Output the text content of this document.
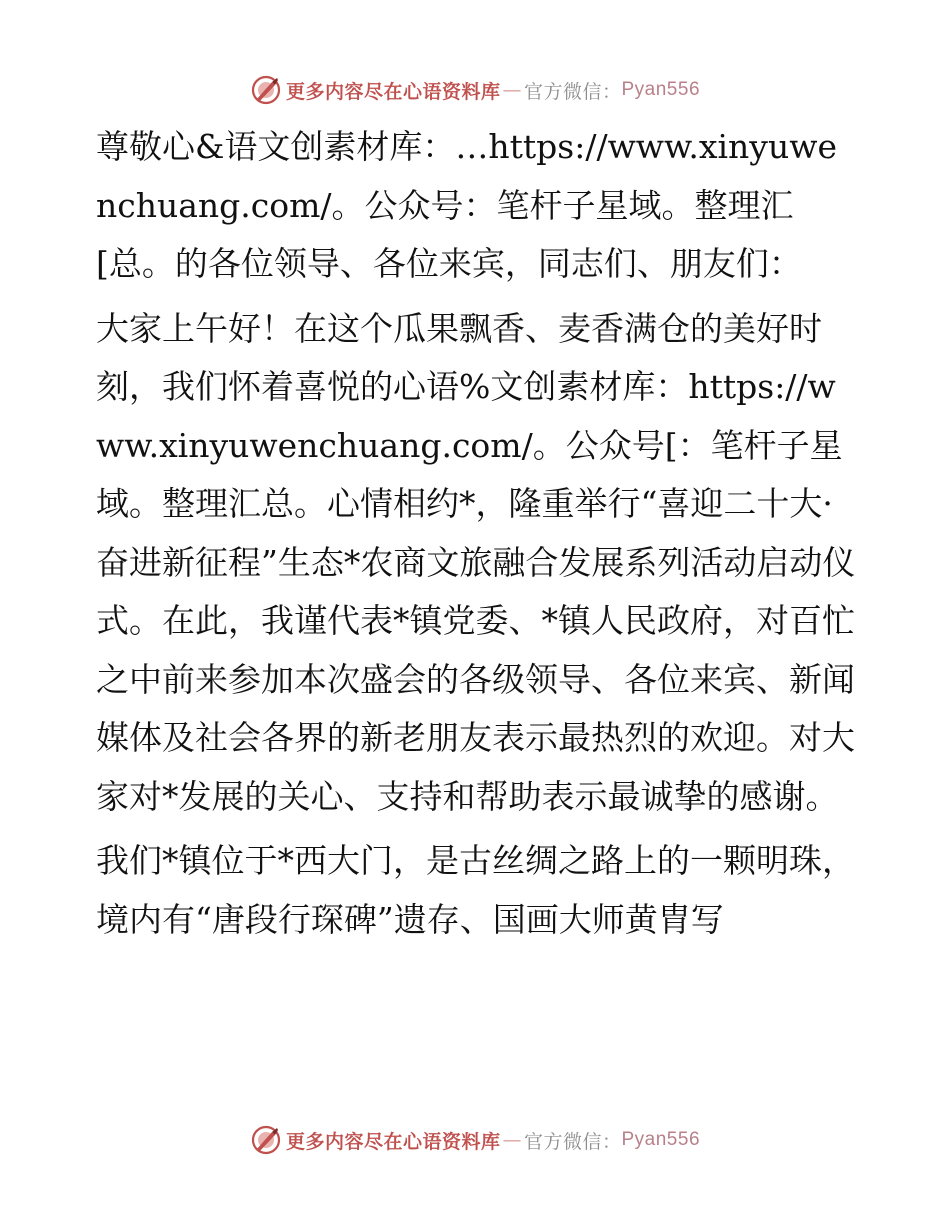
更多内容尽在心语资料库 — 官方微信： Pyan556

尊敬心&语文创素材库：…https://www.xinyuwenchuang.com/。公众号：笔杆子星域。整理汇[总。的各位领导、各位来宾，同志们、朋友们：

大家上午好！在这个瓜果飘香、麦香满仓的美好时刻，我们怀着喜悦的心语%文创素材库：https://www.xinyuwenchuang.com/。公众号[：笔杆子星域。整理汇总。心情相约*，隆重举行“喜迎二十大·奋进新征程”生态*农商文旅融合发展系列活动启动仪式。在此，我谨代表*镇党委、*镇人民政府，对百忙之中前来参加本次盛会的各级领导、各位来宾、新闻媒体及社会各界的新老朋友表示最热烈的欢迎。对大家对*发展的关心、支持和帮助表示最诚挚的感谢。

我们*镇位于*西大门，是古丝绸之路上的一颗明珠，境内有“唐段行琛碑”遗存、国画大师黄胄写

更多内容尽在心语资料库 — 官方微信： Pyan556
